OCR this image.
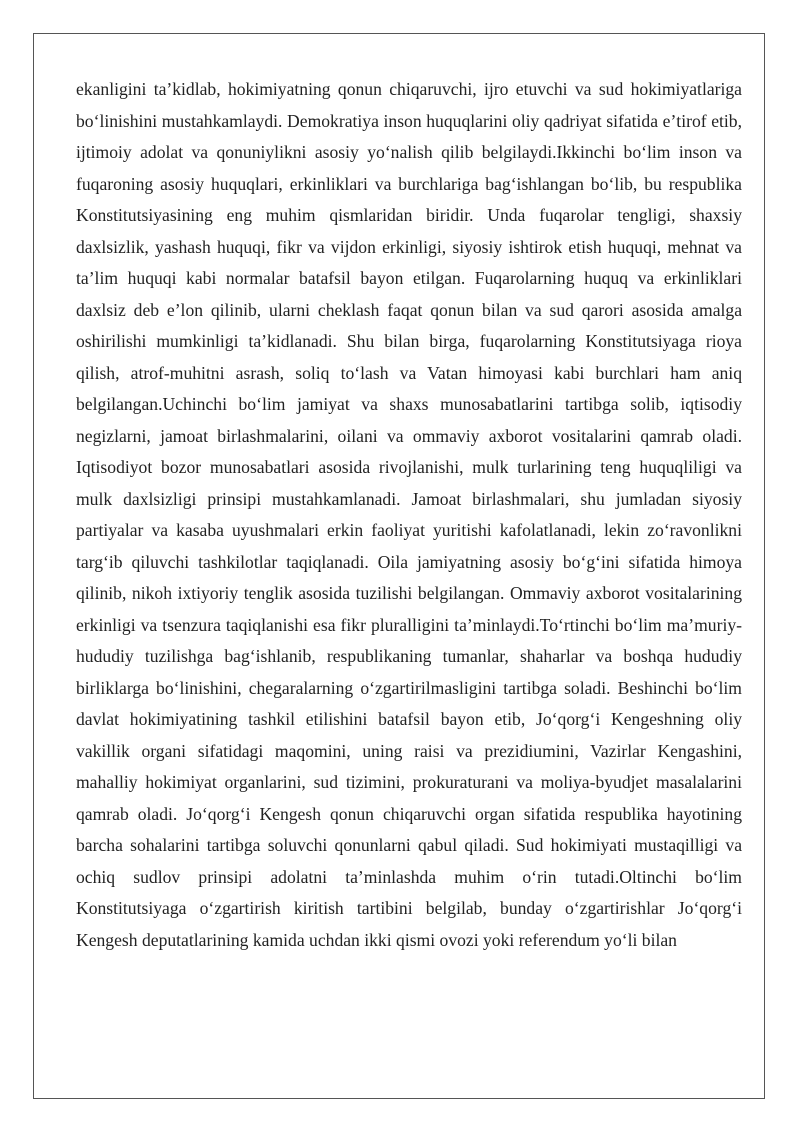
ekanligini taʼkidlab, hokimiyatning qonun chiqaruvchi, ijro etuvchi va sud hokimiyatlariga boʻlinishini mustahkamlaydi. Demokratiya inson huquqlarini oliy qadriyat sifatida eʼtirof etib, ijtimoiy adolat va qonuniylikni asosiy yoʻnalish qilib belgilaydi.Ikkinchi boʻlim inson va fuqaroning asosiy huquqlari, erkinliklari va burchlariga bagʻishlangan boʻlib, bu respublika Konstitutsiyasining eng muhim qismlaridan biridir. Unda fuqarolar tengligi, shaxsiy daxlsizlik, yashash huquqi, fikr va vijdon erkinligi, siyosiy ishtirok etish huquqi, mehnat va taʼlim huquqi kabi normalar batafsil bayon etilgan. Fuqarolarning huquq va erkinliklari daxlsiz deb eʼlon qilinib, ularni cheklash faqat qonun bilan va sud qarori asosida amalga oshirilishi mumkinligi taʼkidlanadi. Shu bilan birga, fuqarolarning Konstitutsiyaga rioya qilish, atrof-muhitni asrash, soliq toʻlash va Vatan himoyasi kabi burchlari ham aniq belgilangan.Uchinchi boʻlim jamiyat va shaxs munosabatlarini tartibga solib, iqtisodiy negizlarni, jamoat birlashmalarini, oilani va ommaviy axborot vositalarini qamrab oladi. Iqtisodiyot bozor munosabatlari asosida rivojlanishi, mulk turlarining teng huquqliligi va mulk daxlsizligi prinsipi mustahkamlanadi. Jamoat birlashmalari, shu jumladan siyosiy partiyalar va kasaba uyushmalari erkin faoliyat yuritishi kafolatlanadi, lekin zoʻravonlikni targʻib qiluvchi tashkilotlar taqiqlanadi. Oila jamiyatning asosiy boʻgʻini sifatida himoya qilinib, nikoh ixtiyoriy tenglik asosida tuzilishi belgilangan. Ommaviy axborot vositalarining erkinligi va tsenzura taqiqlanishi esa fikr pluralligini taʼminlaydi.Toʻrtinchi boʻlim maʼmuriy-hududiy tuzilishga bagʻishlanib, respublikaning tumanlar, shaharlar va boshqa hududiy birliklarga boʻlinishini, chegaralarning oʻzgartirilmasligini tartibga soladi. Beshinchi boʻlim davlat hokimiyatining tashkil etilishini batafsil bayon etib, Joʻqorgʻi Kengeshning oliy vakillik organi sifatidagi maqomini, uning raisi va prezidiumini, Vazirlar Kengashini, mahalliy hokimiyat organlarini, sud tizimini, prokuraturani va moliya-byudjet masalalarini qamrab oladi. Joʻqorgʻi Kengesh qonun chiqaruvchi organ sifatida respublika hayotining barcha sohalarini tartibga soluvchi qonunlarni qabul qiladi. Sud hokimiyati mustaqilligi va ochiq sudlov prinsipi adolatni taʼminlashda muhim oʻrin tutadi.Oltinchi boʻlim Konstitutsiyaga oʻzgartirish kiritish tartibini belgilab, bunday oʻzgartirishlar Joʻqorgʻi Kengesh deputatlarining kamida uchdan ikki qismi ovozi yoki referendum yoʻli bilan
